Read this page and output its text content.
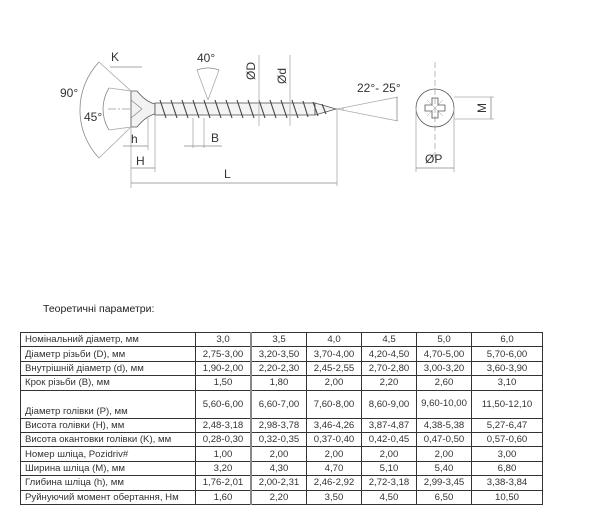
90°
45°
K
h
H
40°
B
ØD Ød
L
22°- 25°
M
ØP
Теоретичні параметри:
Номінальний діаметр, мм	3,0	3,5	4,0	4,5	5,0	6,0
Діаметр різьби (D), мм	2,75-3,00	3,20-3,50	3,70-4,00	4,20-4,50	4,70-5,00	5,70-6,00
Внутрішній діаметр (d), мм	1,90-2,00	2,20-2,30	2,45-2,55	2,70-2,80	3,00-3,20	3,60-3,90
Крок різьби (B), мм	1,50	1,80	2,00	2,20	2,60	3,10
Діаметр голівки (P), мм	5,60-6,00	6,60-7,00	7,60-8,00	8,60-9,00	9,60-10,00	11,50-12,10
Висота голівки (H), мм	2,48-3,18	2,98-3,78	3,46-4,26	3,87-4,87	4,38-5,38	5,27-6,47
Висота окантовки голівки (K), мм	0,28-0,30	0,32-0,35	0,37-0,40	0,42-0,45	0,47-0,50	0,57-0,60
Номер шліца, Pozidriv#	1,00	2,00	2,00	2,00	2,00	3,00
Ширина шліца (M), мм	3,20	4,30	4,70	5,10	5,40	6,80
Глибина шліца (h), мм	1,76-2,01	2,00-2,31	2,46-2,92	2,72-3,18	2,99-3,45	3,38-3,84
Руйнуючий момент обертання, Нм	1,60	2,20	3,50	4,50	6,50	10,50
